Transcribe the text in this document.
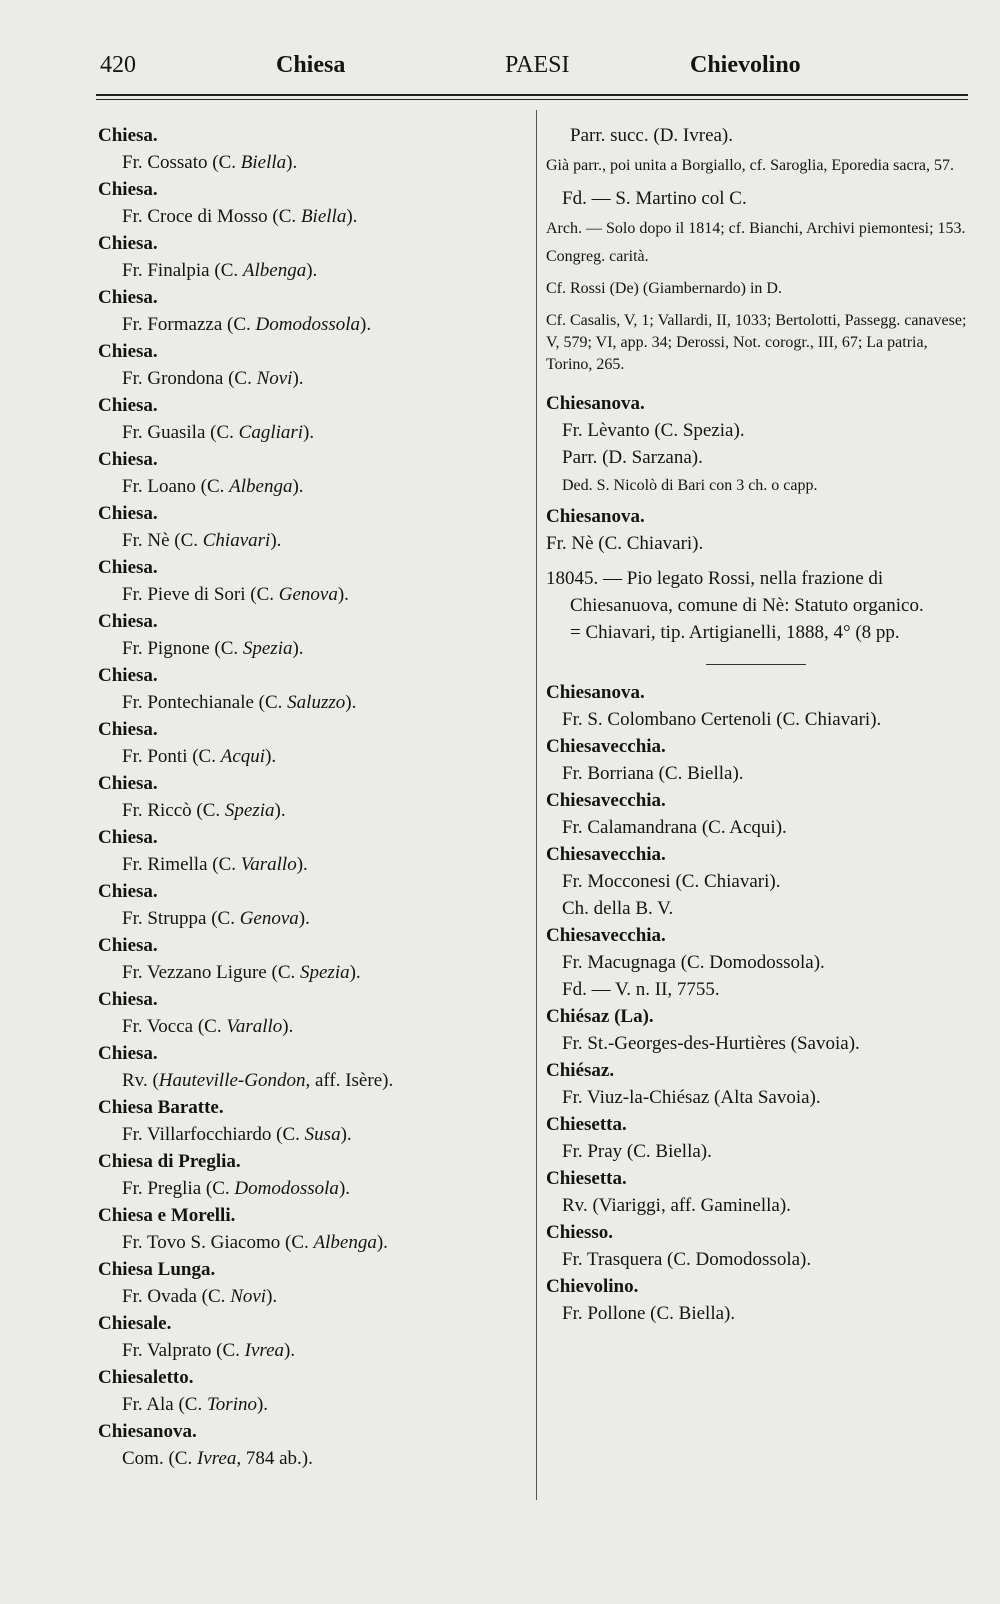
420	Chiesa	PAESI	Chievolino
Chiesa.
Fr. Cossato (C. Biella).
Chiesa.
Fr. Croce di Mosso (C. Biella).
Chiesa.
Fr. Finalpia (C. Albenga).
Chiesa.
Fr. Formazza (C. Domodossola).
Chiesa.
Fr. Grondona (C. Novi).
Chiesa.
Fr. Guasila (C. Cagliari).
Chiesa.
Fr. Loano (C. Albenga).
Chiesa.
Fr. Nè (C. Chiavari).
Chiesa.
Fr. Pieve di Sori (C. Genova).
Chiesa.
Fr. Pignone (C. Spezia).
Chiesa.
Fr. Pontechianale (C. Saluzzo).
Chiesa.
Fr. Ponti (C. Acqui).
Chiesa.
Fr. Riccò (C. Spezia).
Chiesa.
Fr. Rimella (C. Varallo).
Chiesa.
Fr. Struppa (C. Genova).
Chiesa.
Fr. Vezzano Ligure (C. Spezia).
Chiesa.
Fr. Vocca (C. Varallo).
Chiesa.
Rv. (Hauteville-Gondon, aff. Isère).
Chiesa Baratte.
Fr. Villarfocchiardo (C. Susa).
Chiesa di Preglia.
Fr. Preglia (C. Domodossola).
Chiesa e Morelli.
Fr. Tovo S. Giacomo (C. Albenga).
Chiesa Lunga.
Fr. Ovada (C. Novi).
Chiesale.
Fr. Valprato (C. Ivrea).
Chiesaletto.
Fr. Ala (C. Torino).
Chiesanova.
Com. (C. Ivrea, 784 ab.).
Parr. succ. (D. Ivrea).
Già parr., poi unita a Borgiallo, cf. Saroglia, Eporedia sacra, 57.
Fd. — S. Martino col C.
Arch. — Solo dopo il 1814; cf. Bianchi, Archivi piemontesi; 153.
Congreg. carità.
Cf. Rossi (De) (Giambernardo) in D.
Cf. Casalis, V, 1; Vallardi, II, 1033; Bertolotti, Passegg. canavese; V, 579; VI, app. 34; Derossi, Not. corogr., III, 67; La patria, Torino, 265.
Chiesanova.
Fr. Lèvanto (C. Spezia).
Parr. (D. Sarzana).
Ded. S. Nicolò di Bari con 3 ch. o capp.
Chiesanova.
Fr. Nè (C. Chiavari).
18045. — Pio legato Rossi, nella frazione di Chiesanuova, comune di Nè: Statuto organico.
= Chiavari, tip. Artigianelli, 1888, 4° (8 pp.
Chiesanova.
Fr. S. Colombano Certenoli (C. Chiavari).
Chiesavecchia.
Fr. Borriana (C. Biella).
Chiesavecchia.
Fr. Calamandrana (C. Acqui).
Chiesavecchia.
Fr. Mocconesi (C. Chiavari).
Ch. della B. V.
Chiesavecchia.
Fr. Macugnaga (C. Domodossola).
Fd. — V. n. II, 7755.
Chiésaz (La).
Fr. St.-Georges-des-Hurtières (Savoia).
Chiésaz.
Fr. Viuz-la-Chiésaz (Alta Savoia).
Chiesetta.
Fr. Pray (C. Biella).
Chiesetta.
Rv. (Viariggi, aff. Gaminella).
Chiesso.
Fr. Trasquera (C. Domodossola).
Chievolino.
Fr. Pollone (C. Biella).
